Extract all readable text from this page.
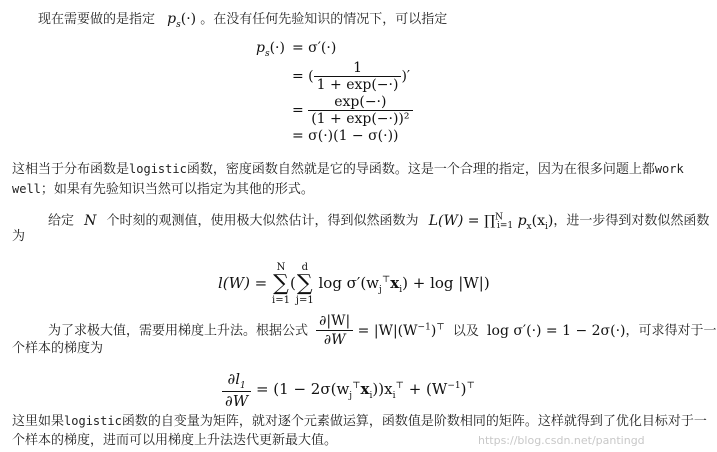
现在需要做的是指定 $p_s(\cdot)$ 。在没有任何先验知识的情况下，可以指定
$p_s(\cdot) = \sigma'(\cdot)$
= ( $\frac{1}{1 + \exp(-\cdot)}$ )′
= $\frac{\exp(-\cdot)}{\text{(1 + exp(−·))²}}$
= σ(·)(1 − σ(·))
这相当于分布函数是logistic函数，密度函数自然就是它的导函数。这是一个合理的指定，因为在很多问题上都work
well；如果有先验知识当然可以指定为其他的形式。
给定 N 个时刻的观测值，使用极大似然估计，得到似然函数为 L(W) = ∏$^N_{i=1}$ $p_x(x_i)$，进一步得到对数似然函数
为
l(W) =
N
∑
i=1
(
d
∑
j=1
$\log \sigma'(w_j^⊤x_i) + \log |W|$)
为了求极大值，需要用梯度上升法。根据公式 $\frac{\partial|W|}{\partial W} = |W|(W^{-1})^⊤$ 以及 log σ′(·) = 1 − 2σ(·)，可求得对于一
个样本的梯度为
$\frac{\partial l_1}{\partial W} = (1 - 2\sigma(w_j^⊤x_i))x_i^⊤ + (W^{-1})^⊤$
这里如果logistic函数的自变量为矩阵，就对逐个元素做运算，函数值是阶数相同的矩阵。这样就得到了优化目标对于一
个样本的梯度，进而可以用梯度上升法迭代更新最大值。	https://blog.csdn.net/pantingd
